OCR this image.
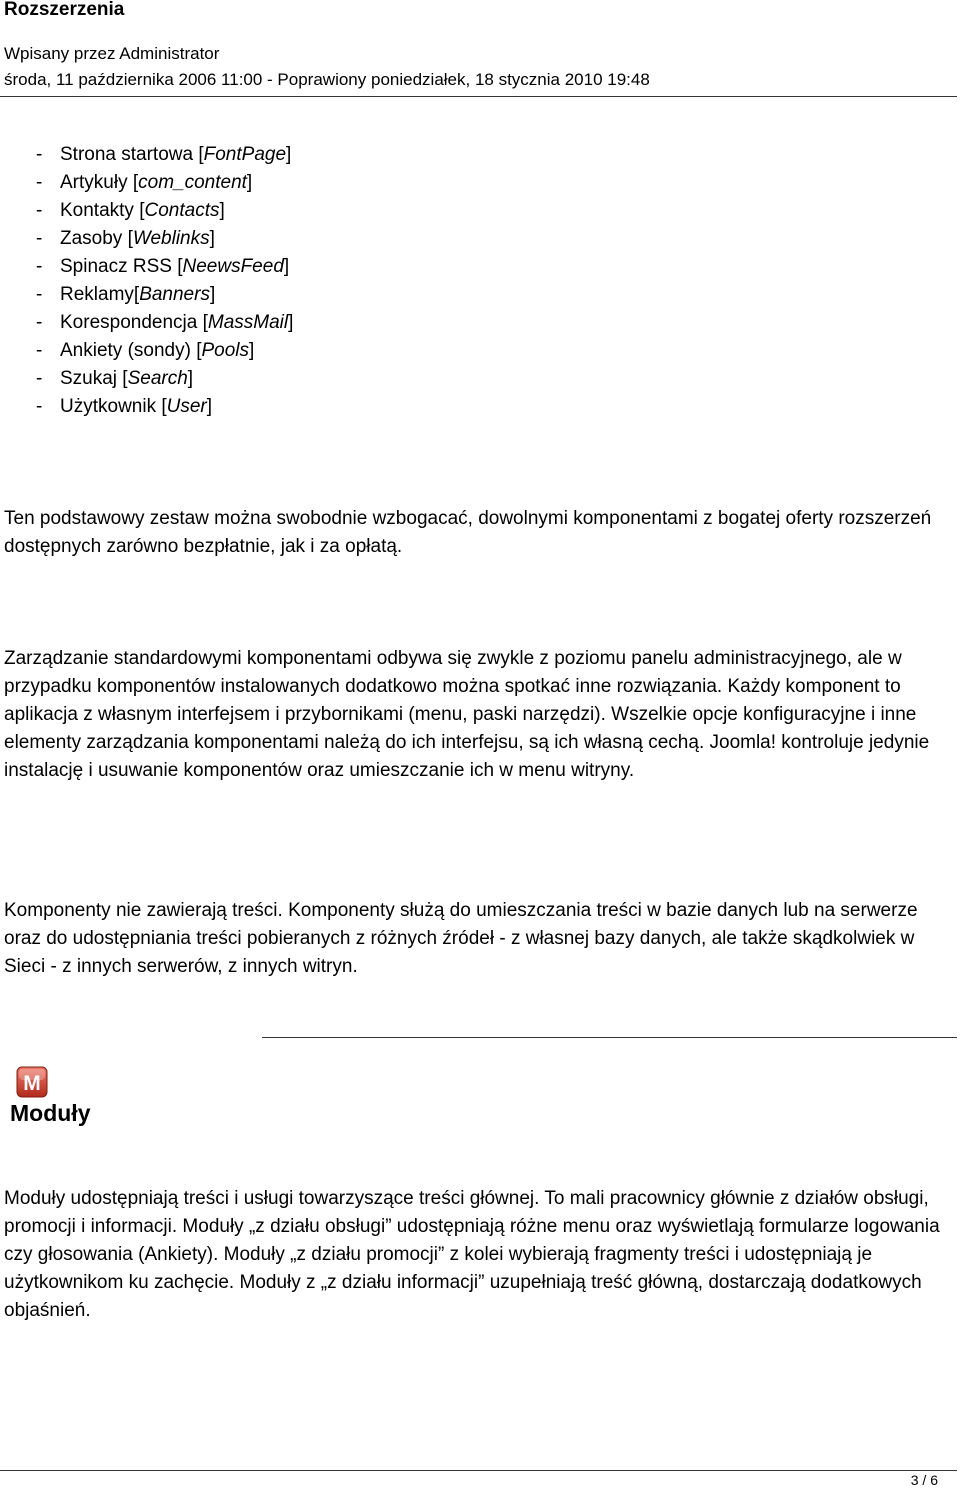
Rozszerzenia
Wpisany przez Administrator
środa, 11 października 2006 11:00 - Poprawiony poniedziałek, 18 stycznia 2010 19:48
- Strona startowa [FontPage]
- Artykuły [com_content]
- Kontakty [Contacts]
- Zasoby [Weblinks]
- Spinacz RSS [NeewsFeed]
- Reklamy[Banners]
- Korespondencja [MassMail]
- Ankiety (sondy) [Pools]
- Szukaj [Search]
- Użytkownik [User]

Ten podstawowy zestaw można swobodnie wzbogacać, dowolnymi komponentami z bogatej oferty rozszerzeń dostępnych zarówno bezpłatnie, jak i za opłatą.

Zarządzanie standardowymi komponentami odbywa się zwykle z poziomu panelu administracyjnego, ale w przypadku komponentów instalowanych dodatkowo można spotkać inne rozwiązania. Każdy komponent to aplikacja z własnym interfejsem i przybornikami (menu, paski narzędzi). Wszelkie opcje konfiguracyjne i inne elementy zarządzania komponentami należą do ich interfejsu, są ich własną cechą. Joomla! kontroluje jedynie instalację i usuwanie komponentów oraz umieszczanie ich w menu witryny.

Komponenty nie zawierają treści. Komponenty służą do umieszczania treści w bazie danych lub na serwerze oraz do udostępniania treści pobieranych z różnych źródeł - z własnej bazy danych, ale także skądkolwiek w Sieci - z innych serwerów, z innych witryn.

M
Moduły

Moduły udostępniają treści i usługi towarzyszące treści głównej. To mali pracownicy głównie z działów obsługi, promocji i informacji. Moduły „z działu obsługi” udostępniają różne menu oraz wyświetlają formularze logowania czy głosowania (Ankiety). Moduły „z działu promocji” z kolei wybierają fragmenty treści i udostępniają je użytkownikom ku zachęcie. Moduły z „z działu informacji” uzupełniają treść główną, dostarczają dodatkowych objaśnień.

3 / 6
